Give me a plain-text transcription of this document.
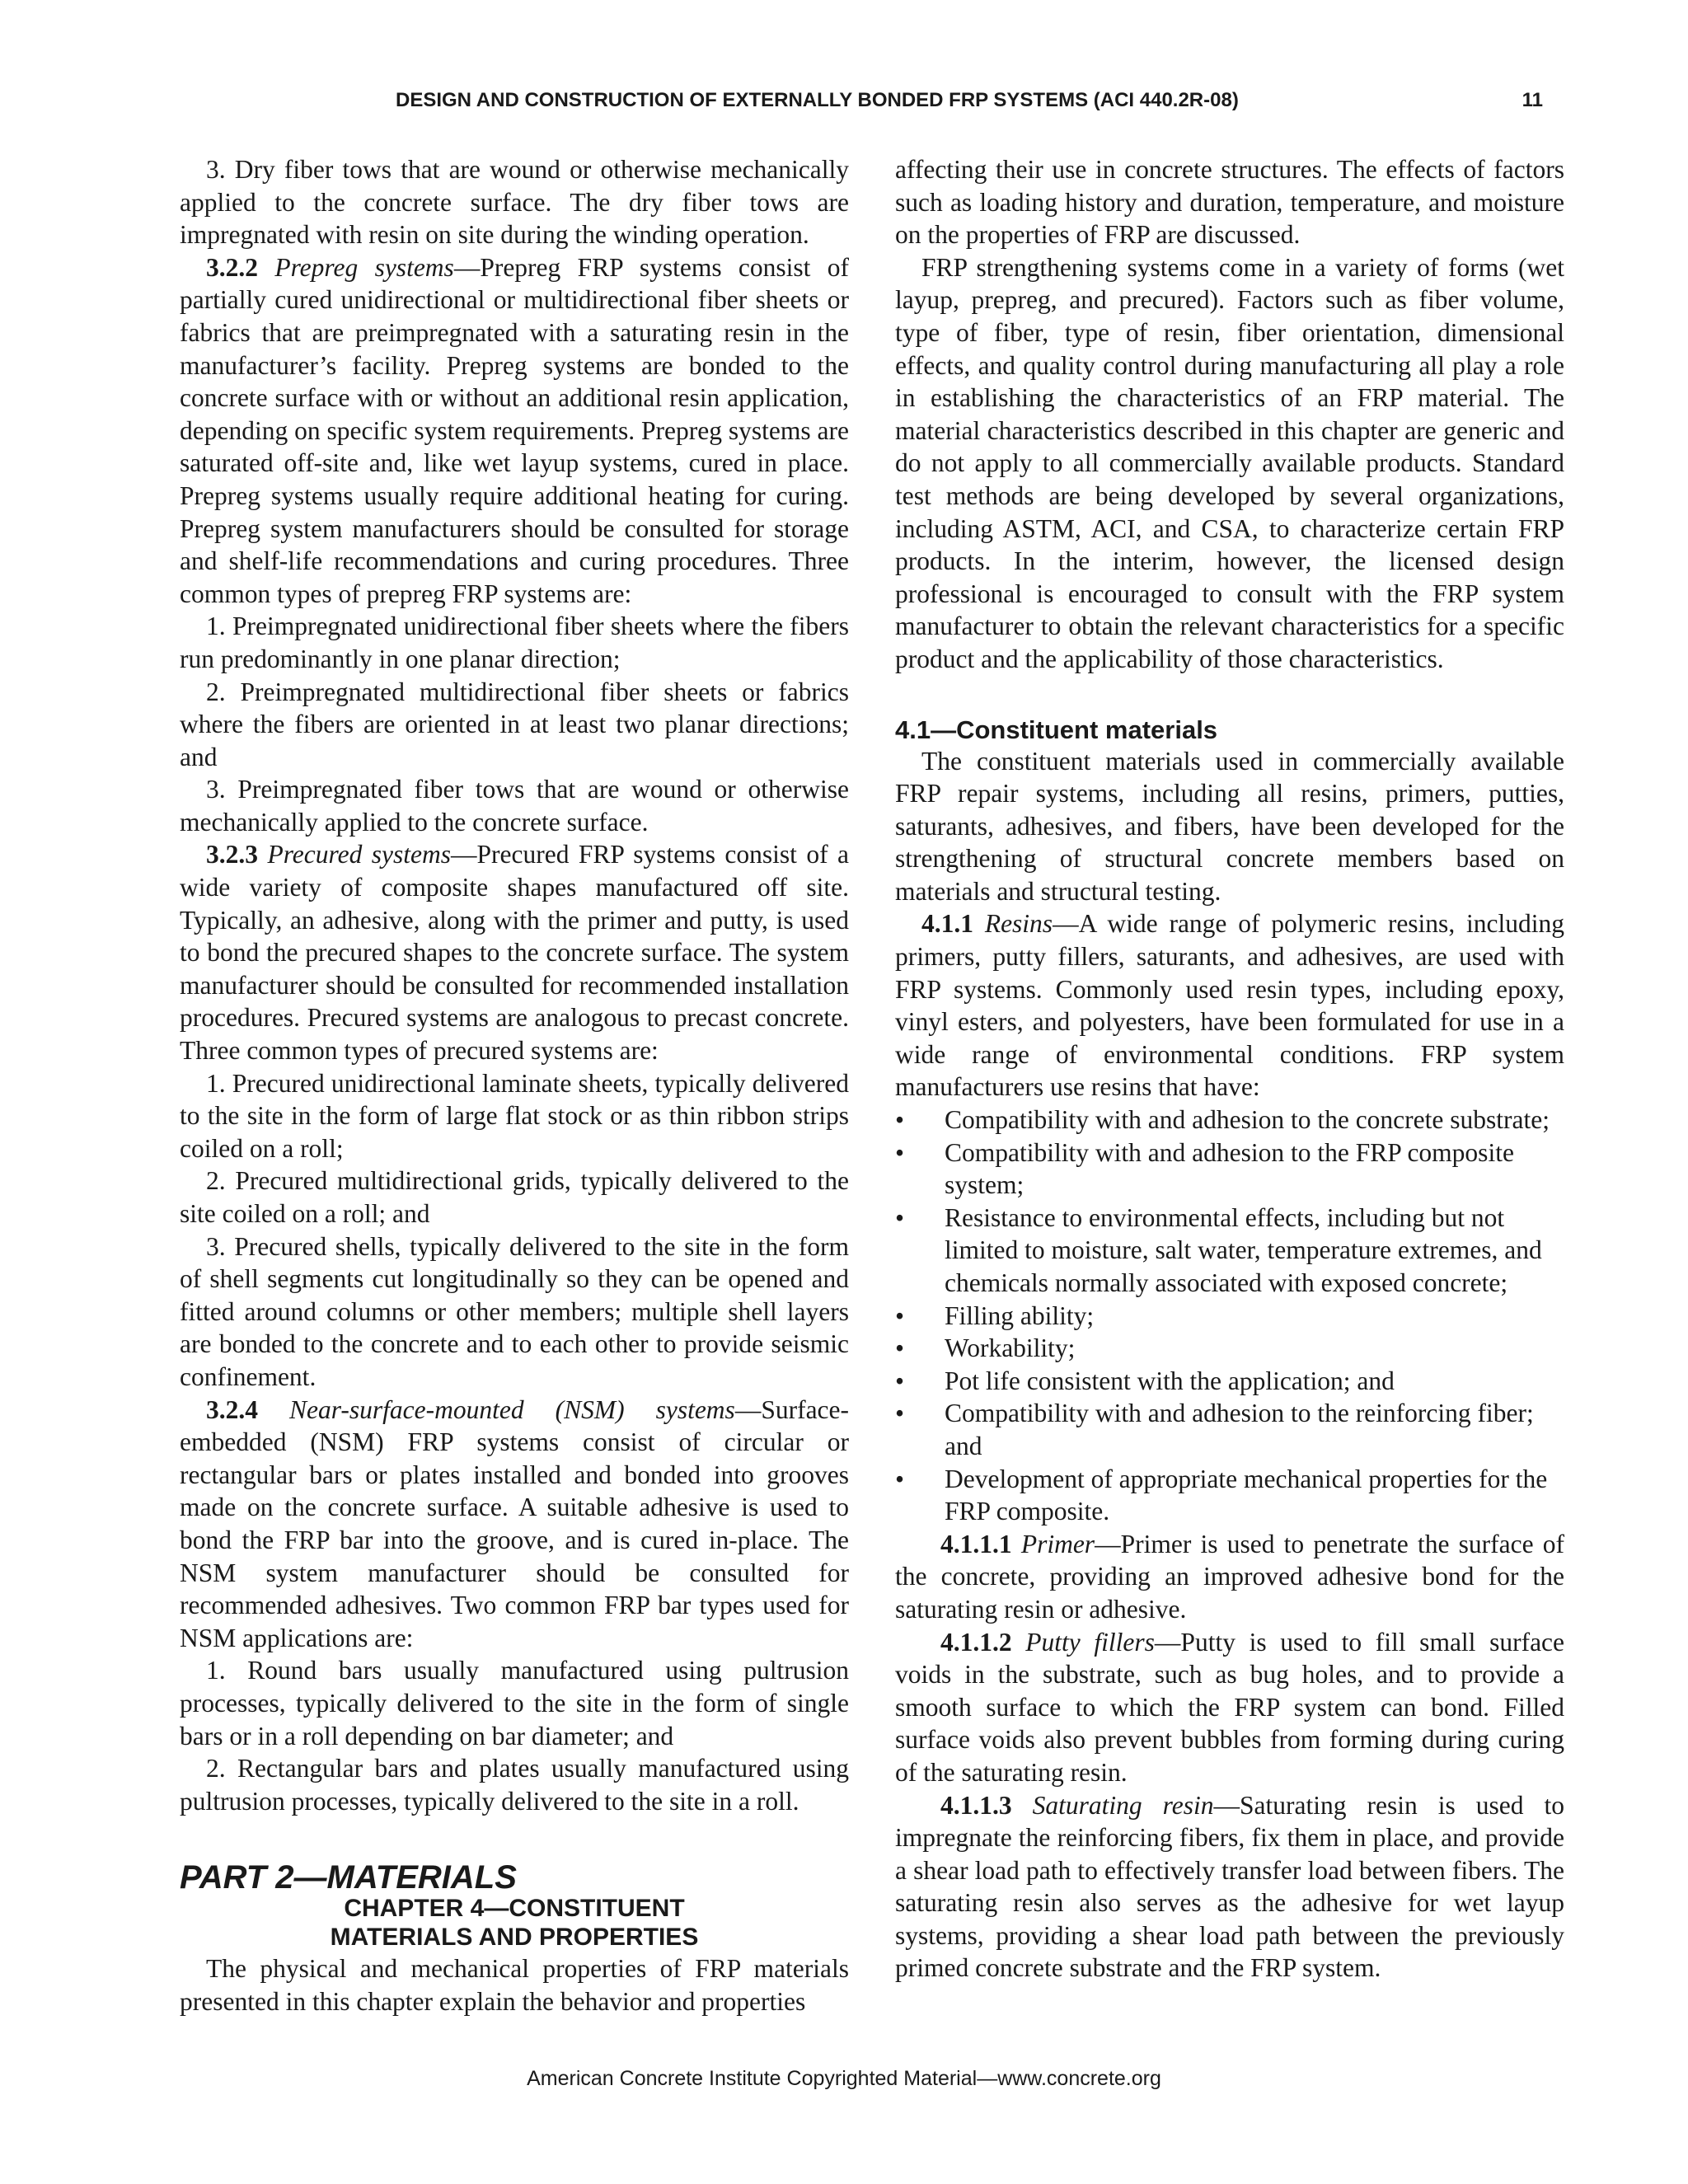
DESIGN AND CONSTRUCTION OF EXTERNALLY BONDED FRP SYSTEMS (ACI 440.2R-08)	11

3. Dry fiber tows that are wound or otherwise mechanically applied to the concrete surface. The dry fiber tows are impregnated with resin on site during the winding operation.

3.2.2 Prepreg systems—Prepreg FRP systems consist of partially cured unidirectional or multidirectional fiber sheets or fabrics that are preimpregnated with a saturating resin in the manufacturer’s facility. Prepreg systems are bonded to the concrete surface with or without an additional resin application, depending on specific system requirements. Prepreg systems are saturated off-site and, like wet layup systems, cured in place. Prepreg systems usually require additional heating for curing. Prepreg system manufacturers should be consulted for storage and shelf-life recommendations and curing procedures. Three common types of prepreg FRP systems are:

1. Preimpregnated unidirectional fiber sheets where the fibers run predominantly in one planar direction;

2. Preimpregnated multidirectional fiber sheets or fabrics where the fibers are oriented in at least two planar directions; and

3. Preimpregnated fiber tows that are wound or otherwise mechanically applied to the concrete surface.

3.2.3 Precured systems—Precured FRP systems consist of a wide variety of composite shapes manufactured off site. Typically, an adhesive, along with the primer and putty, is used to bond the precured shapes to the concrete surface. The system manufacturer should be consulted for recommended installation procedures. Precured systems are analogous to precast concrete. Three common types of precured systems are:

1. Precured unidirectional laminate sheets, typically delivered to the site in the form of large flat stock or as thin ribbon strips coiled on a roll;

2. Precured multidirectional grids, typically delivered to the site coiled on a roll; and

3. Precured shells, typically delivered to the site in the form of shell segments cut longitudinally so they can be opened and fitted around columns or other members; multiple shell layers are bonded to the concrete and to each other to provide seismic confinement.

3.2.4 Near-surface-mounted (NSM) systems—Surface-embedded (NSM) FRP systems consist of circular or rectangular bars or plates installed and bonded into grooves made on the concrete surface. A suitable adhesive is used to bond the FRP bar into the groove, and is cured in-place. The NSM system manufacturer should be consulted for recommended adhesives. Two common FRP bar types used for NSM applications are:

1. Round bars usually manufactured using pultrusion processes, typically delivered to the site in the form of single bars or in a roll depending on bar diameter; and

2. Rectangular bars and plates usually manufactured using pultrusion processes, typically delivered to the site in a roll.

PART 2—MATERIALS
CHAPTER 4—CONSTITUENT
MATERIALS AND PROPERTIES

The physical and mechanical properties of FRP materials presented in this chapter explain the behavior and properties

affecting their use in concrete structures. The effects of factors such as loading history and duration, temperature, and moisture on the properties of FRP are discussed.

FRP strengthening systems come in a variety of forms (wet layup, prepreg, and precured). Factors such as fiber volume, type of fiber, type of resin, fiber orientation, dimensional effects, and quality control during manufacturing all play a role in establishing the characteristics of an FRP material. The material characteristics described in this chapter are generic and do not apply to all commercially available products. Standard test methods are being developed by several organizations, including ASTM, ACI, and CSA, to characterize certain FRP products. In the interim, however, the licensed design professional is encouraged to consult with the FRP system manufacturer to obtain the relevant characteristics for a specific product and the applicability of those characteristics.

4.1—Constituent materials

The constituent materials used in commercially available FRP repair systems, including all resins, primers, putties, saturants, adhesives, and fibers, have been developed for the strengthening of structural concrete members based on materials and structural testing.

4.1.1 Resins—A wide range of polymeric resins, including primers, putty fillers, saturants, and adhesives, are used with FRP systems. Commonly used resin types, including epoxy, vinyl esters, and polyesters, have been formulated for use in a wide range of environmental conditions. FRP system manufacturers use resins that have:

• Compatibility with and adhesion to the concrete substrate;
• Compatibility with and adhesion to the FRP composite system;
• Resistance to environmental effects, including but not limited to moisture, salt water, temperature extremes, and chemicals normally associated with exposed concrete;
• Filling ability;
• Workability;
• Pot life consistent with the application; and
• Compatibility with and adhesion to the reinforcing fiber; and
• Development of appropriate mechanical properties for the FRP composite.

4.1.1.1 Primer—Primer is used to penetrate the surface of the concrete, providing an improved adhesive bond for the saturating resin or adhesive.

4.1.1.2 Putty fillers—Putty is used to fill small surface voids in the substrate, such as bug holes, and to provide a smooth surface to which the FRP system can bond. Filled surface voids also prevent bubbles from forming during curing of the saturating resin.

4.1.1.3 Saturating resin—Saturating resin is used to impregnate the reinforcing fibers, fix them in place, and provide a shear load path to effectively transfer load between fibers. The saturating resin also serves as the adhesive for wet layup systems, providing a shear load path between the previously primed concrete substrate and the FRP system.

American Concrete Institute Copyrighted Material—www.concrete.org
